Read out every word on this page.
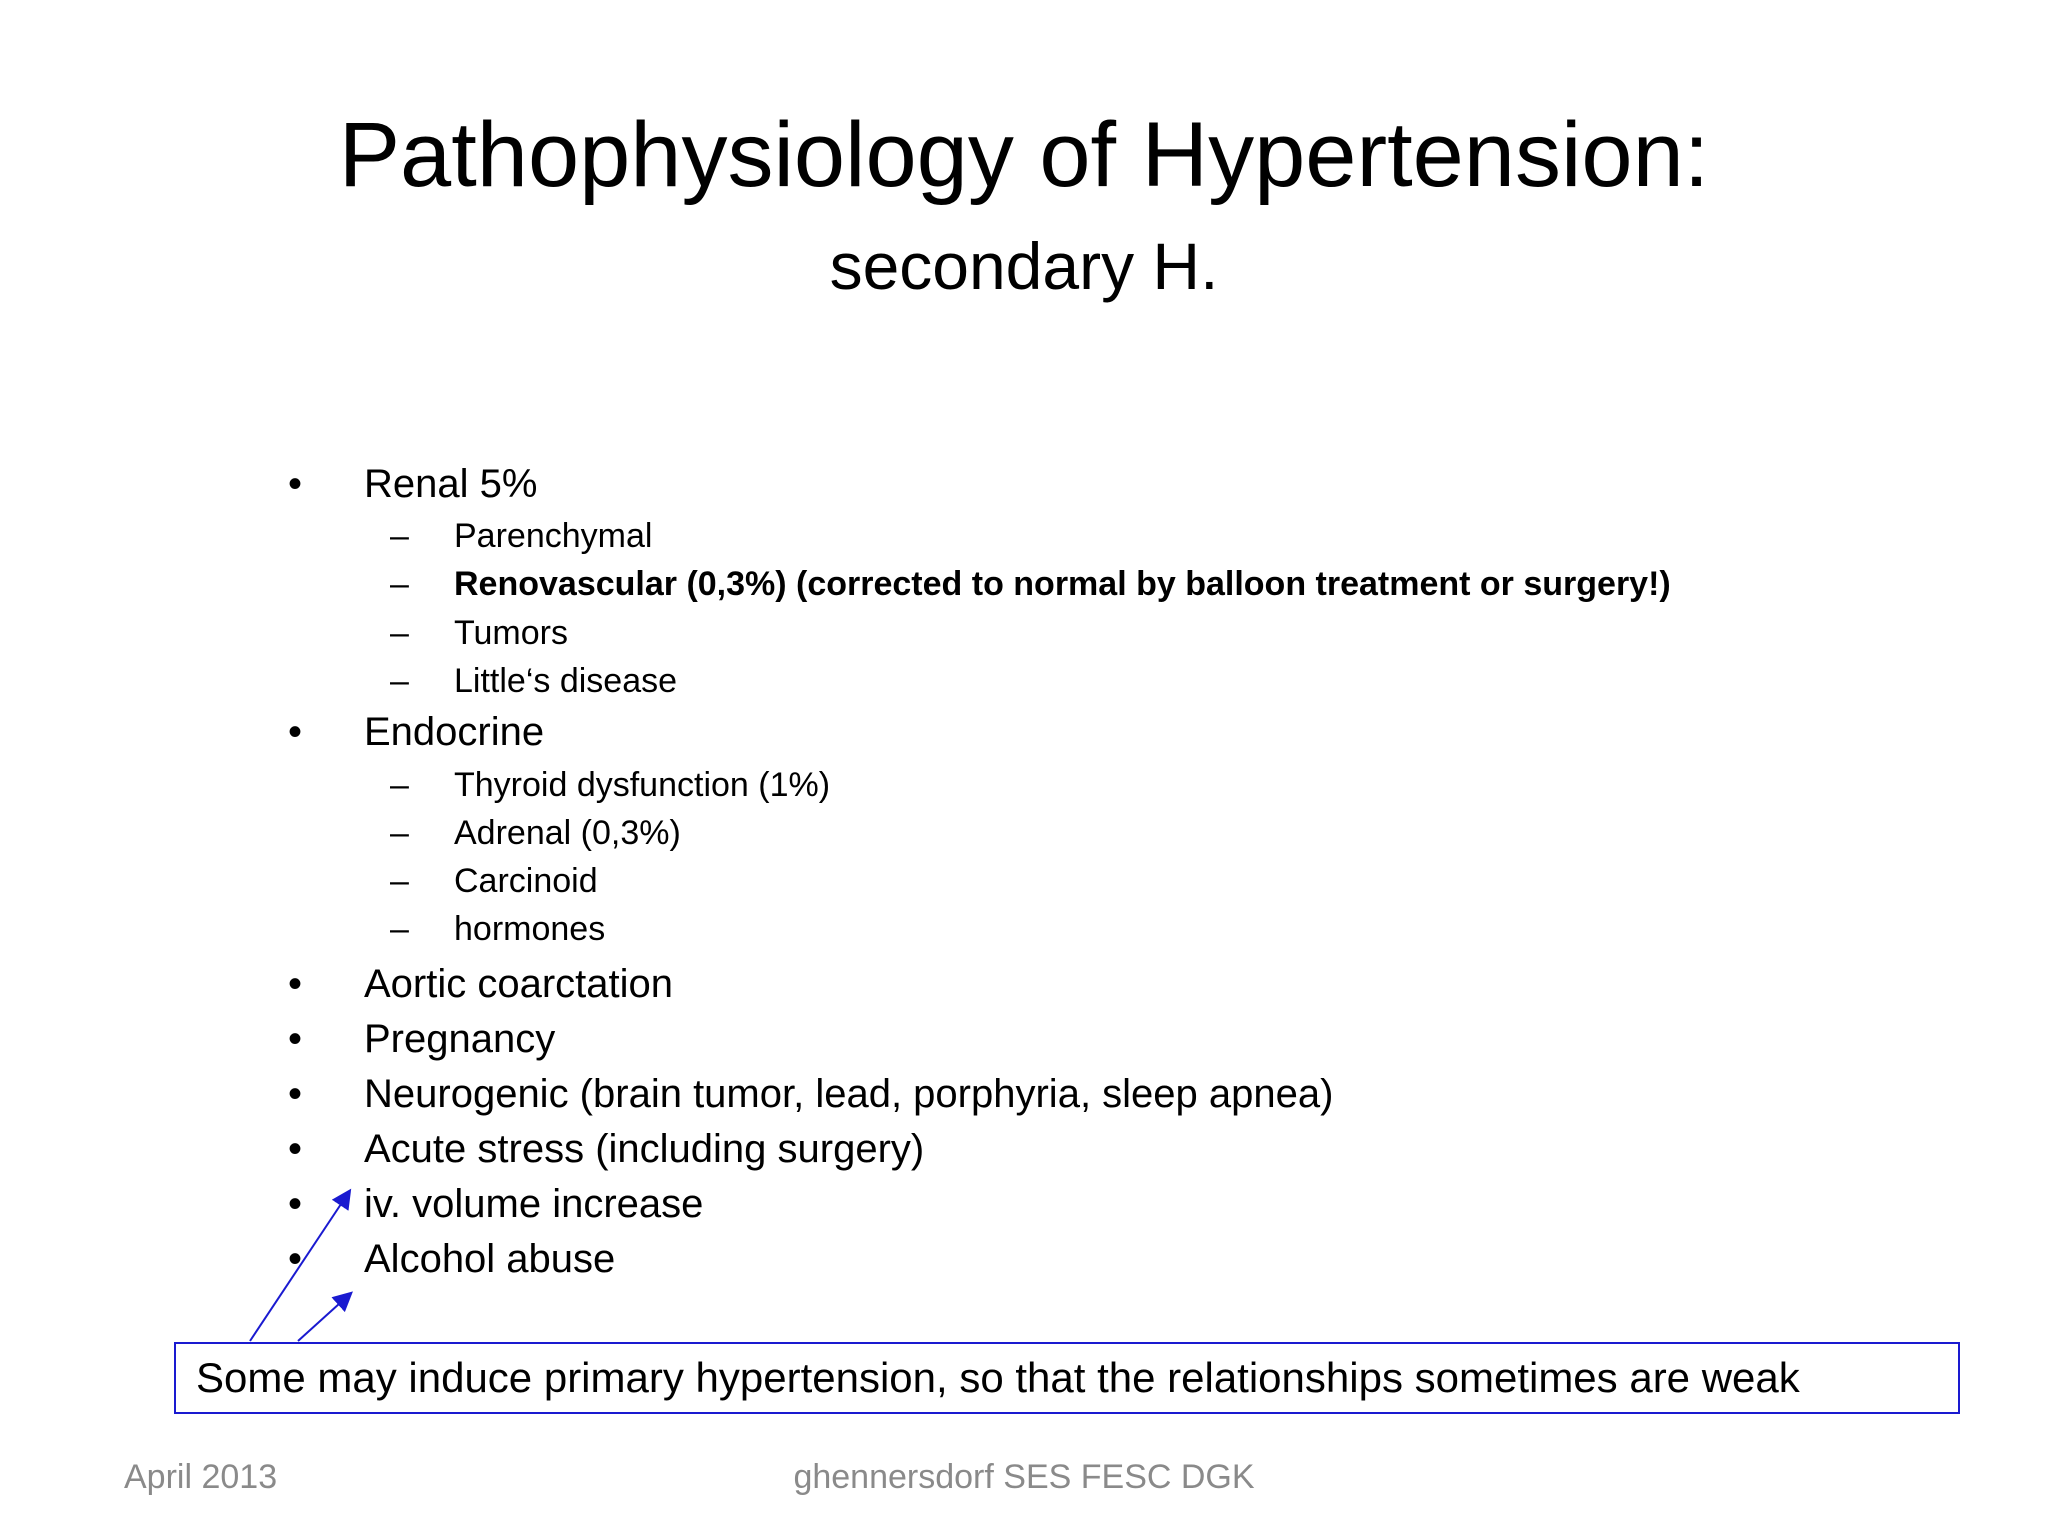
Pathophysiology of Hypertension:
secondary H.
• Renal 5%
– Parenchymal
– Renovascular (0,3%) (corrected to normal by balloon treatment or surgery!)
– Tumors
– Little‘s disease
• Endocrine
– Thyroid dysfunction (1%)
– Adrenal (0,3%)
– Carcinoid
– hormones
• Aortic coarctation
• Pregnancy
• Neurogenic (brain tumor, lead, porphyria, sleep apnea)
• Acute stress (including surgery)
• iv. volume increase
• Alcohol abuse
Some may induce primary hypertension, so that the relationships sometimes are weak
April 2013	ghennersdorf SES FESC DGK
